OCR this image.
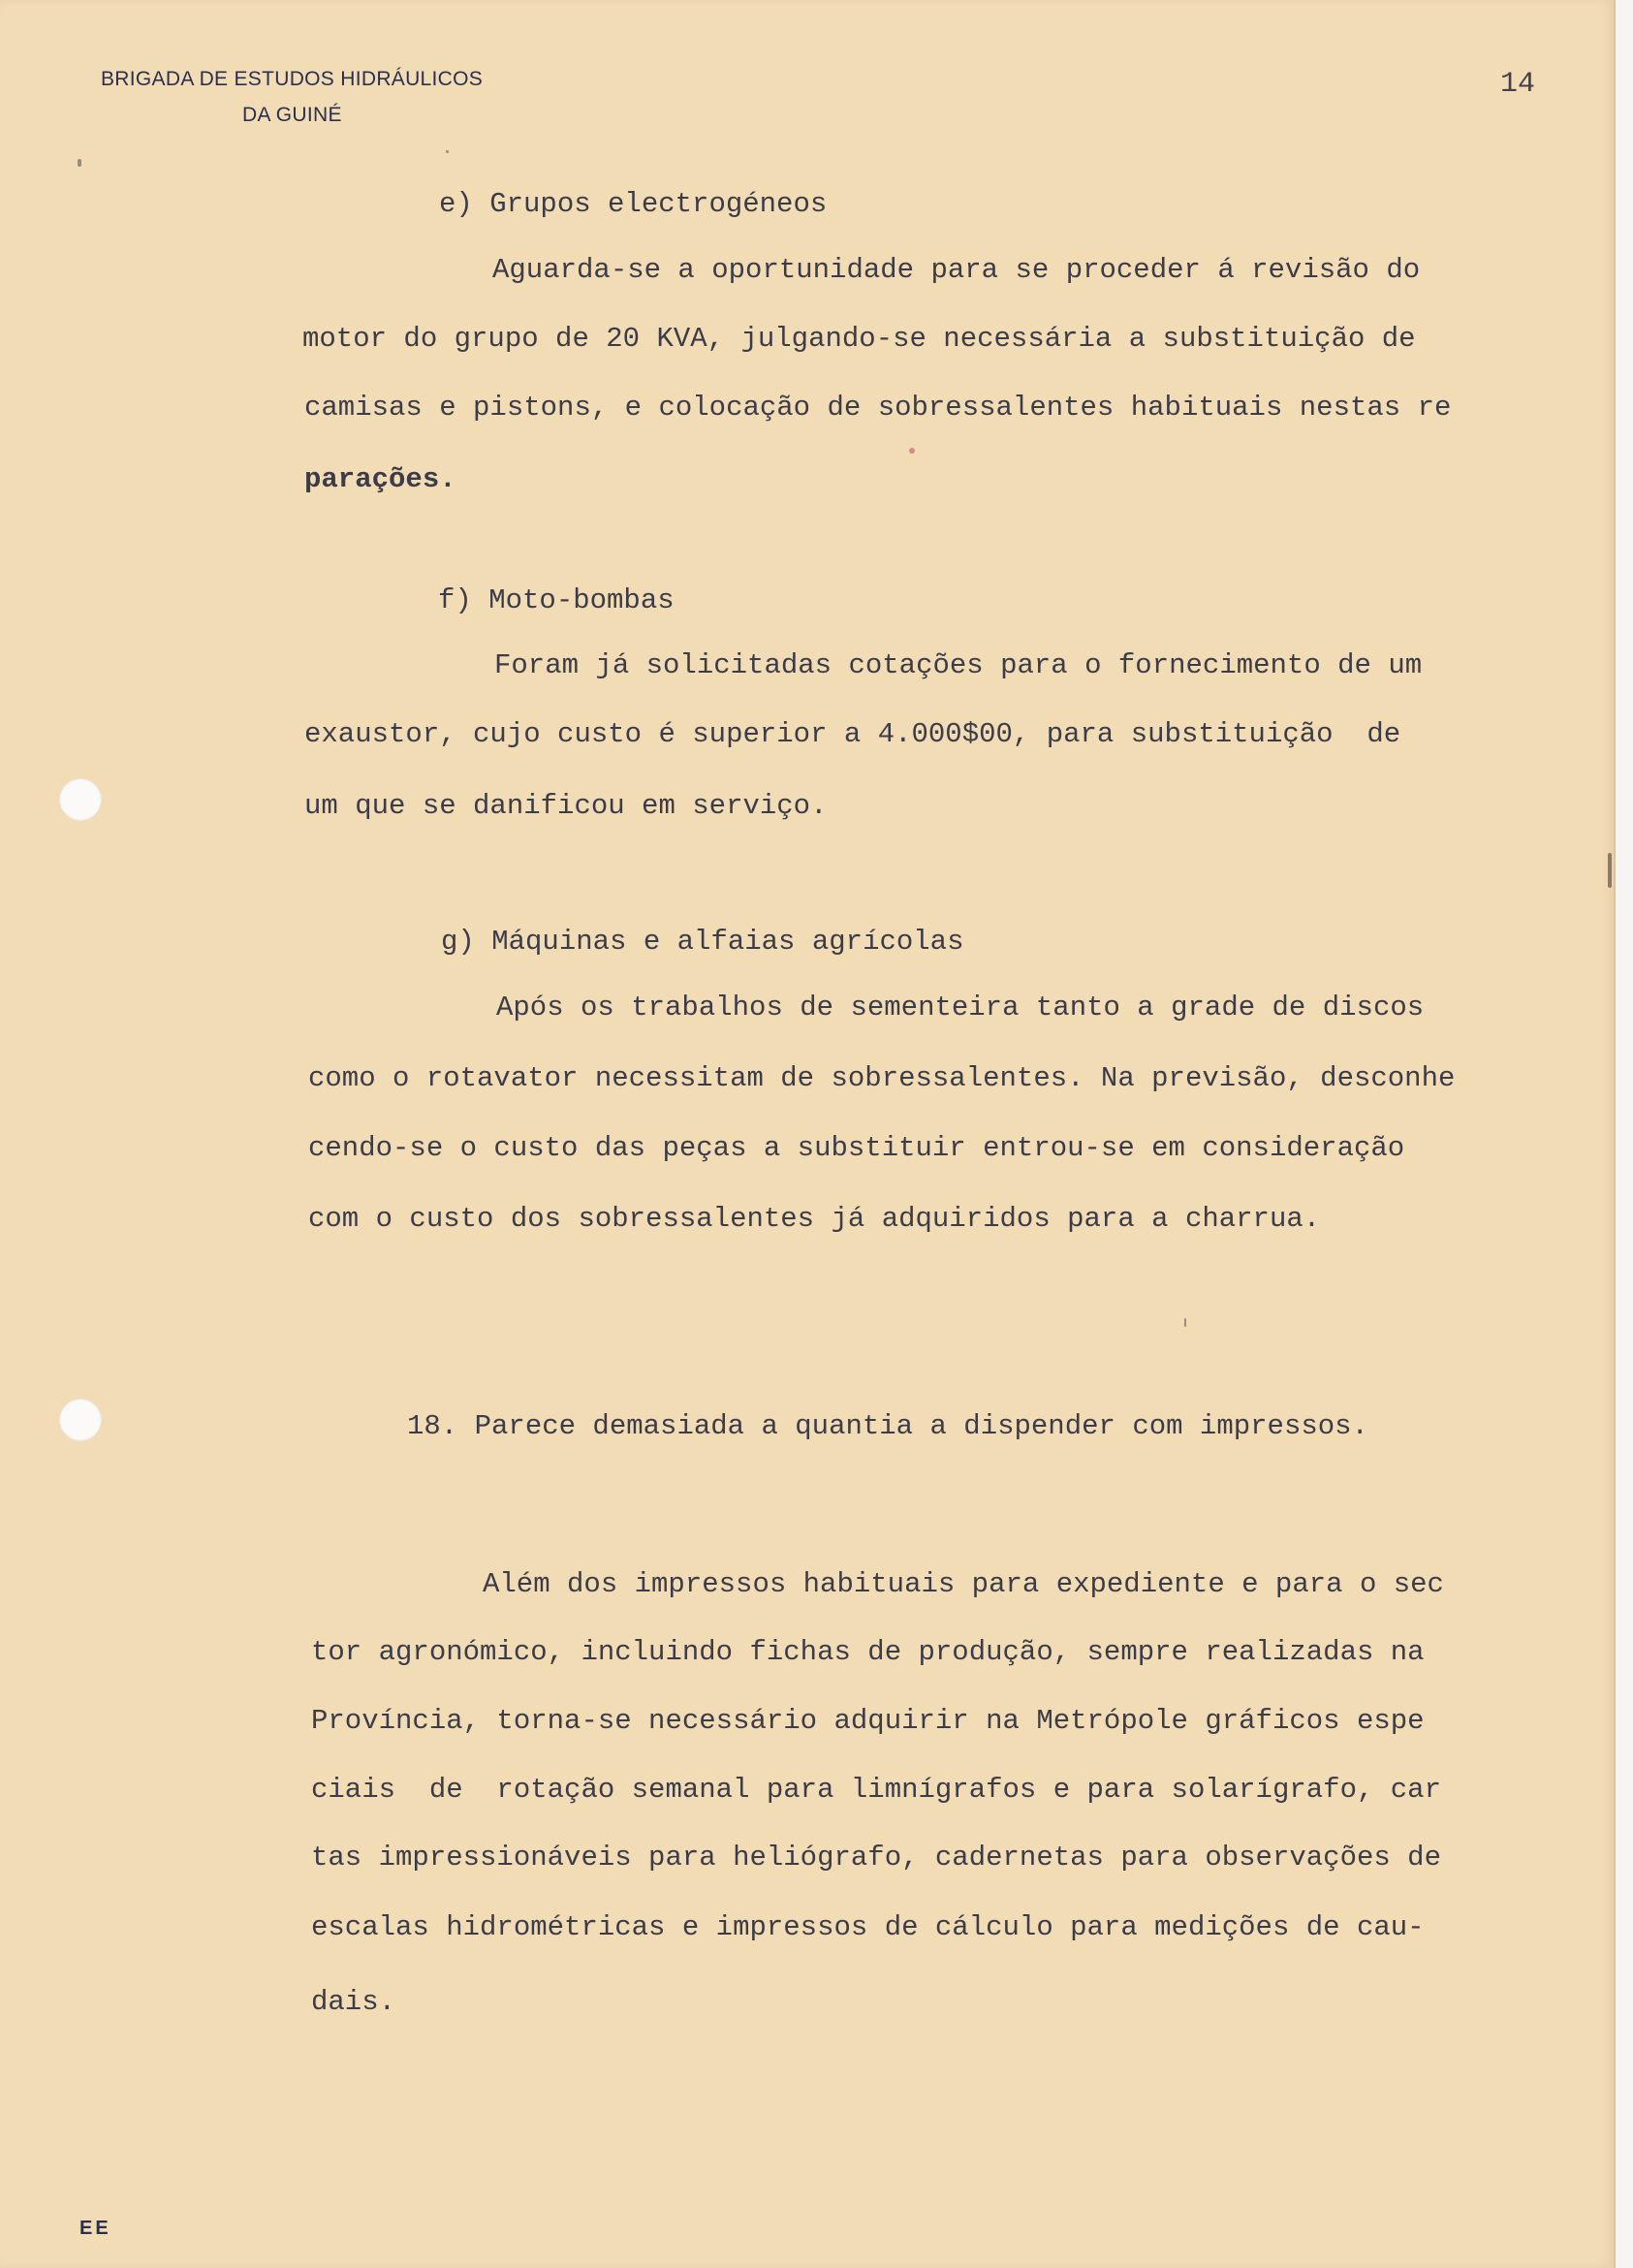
BRIGADA DE ESTUDOS HIDRÁULICOS
DA GUINÉ
14
e) Grupos electrogéneos
Aguarda-se a oportunidade para se proceder á revisão do
motor do grupo de 20 KVA, julgando-se necessária a substituição de
camisas e pistons, e colocação de sobressalentes habituais nestas re
parações.
f) Moto-bombas
Foram já solicitadas cotações para o fornecimento de um
exaustor, cujo custo é superior a 4.000$00, para substituição  de
um que se danificou em serviço.
g) Máquinas e alfaias agrícolas
Após os trabalhos de sementeira tanto a grade de discos
como o rotavator necessitam de sobressalentes. Na previsão, desconhe
cendo-se o custo das peças a substituir entrou-se em consideração
com o custo dos sobressalentes já adquiridos para a charrua.
18. Parece demasiada a quantia a dispender com impressos.
Além dos impressos habituais para expediente e para o sec
tor agronómico, incluindo fichas de produção, sempre realizadas na
Província, torna-se necessário adquirir na Metrópole gráficos espe
ciais  de  rotação semanal para limnígrafos e para solarígrafo, car
tas impressionáveis para heliógrafo, cadernetas para observações de
escalas hidrométricas e impressos de cálculo para medições de cau-
dais.
EE
